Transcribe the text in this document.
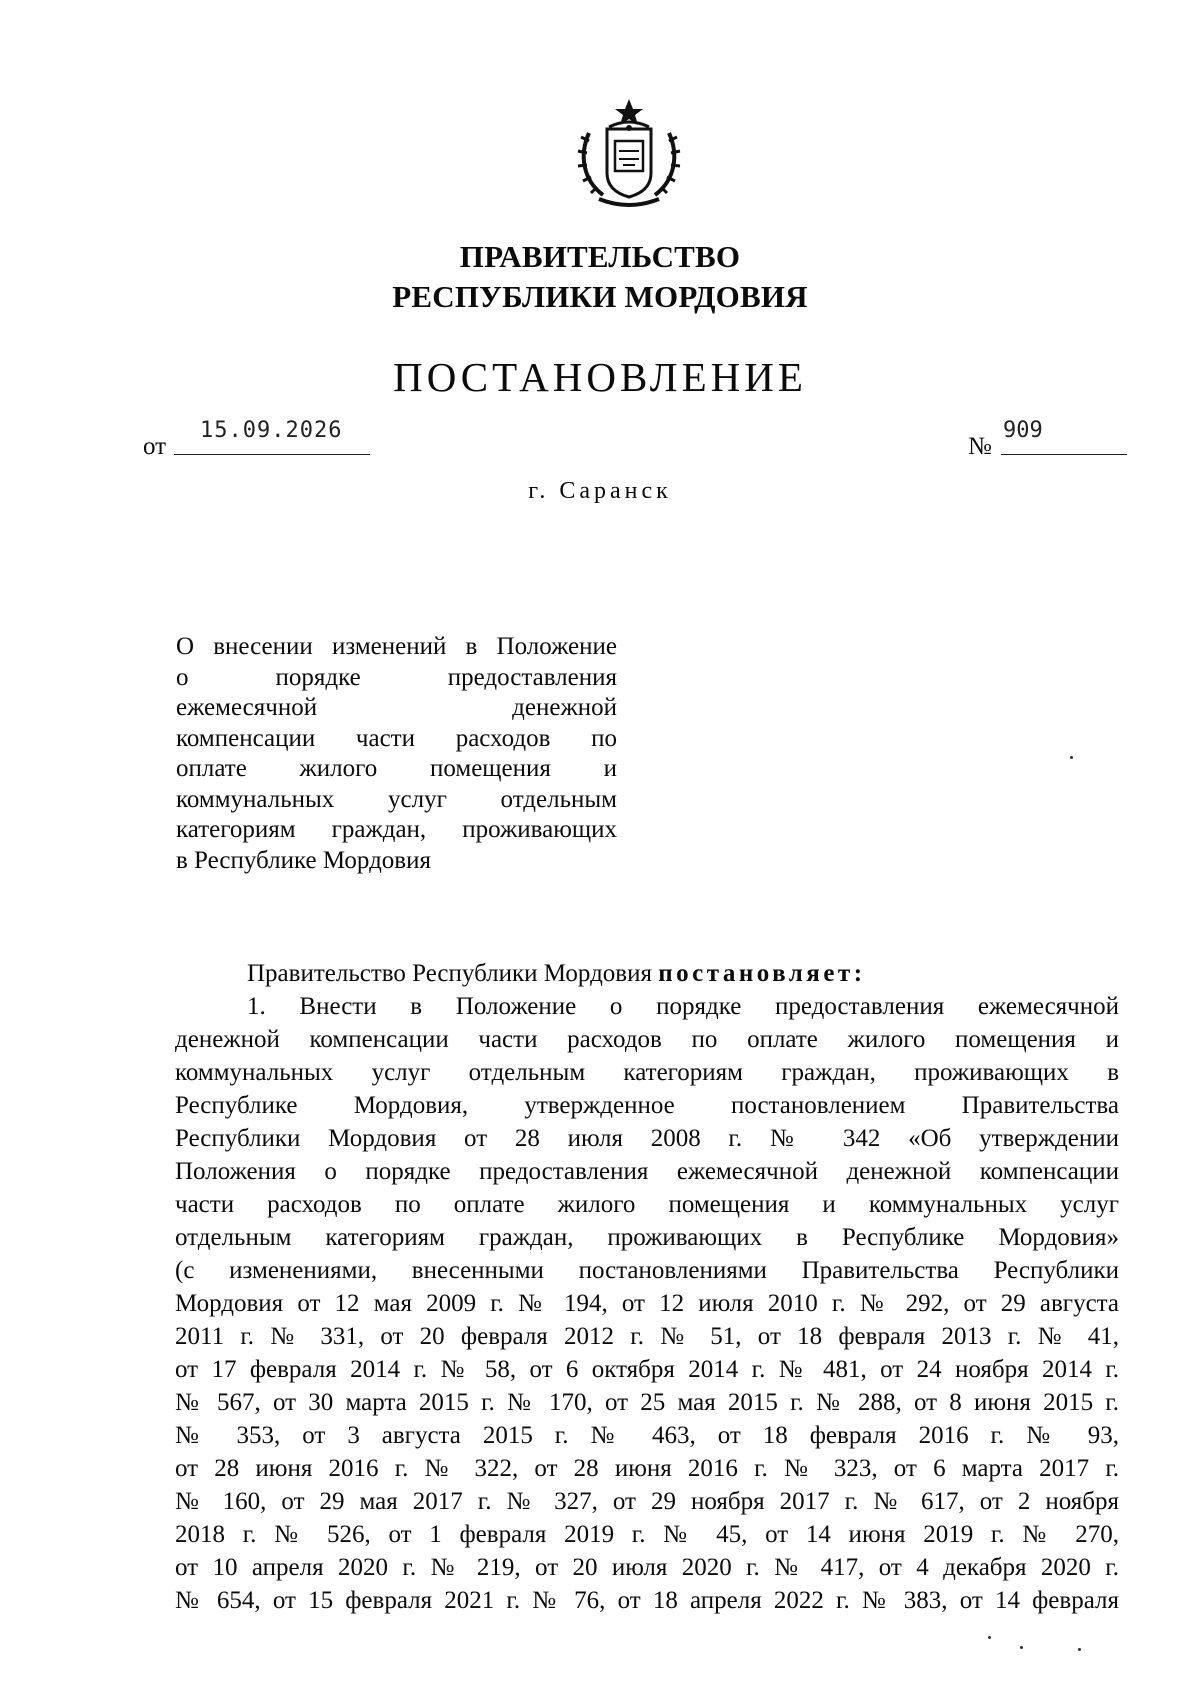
ПРАВИТЕЛЬСТВО
РЕСПУБЛИКИ МОРДОВИЯ
ПОСТАНОВЛЕНИЕ
от
15.09.2026
№
909
г. Саранск
О внесении изменений в Положение
о порядке предоставления
ежемесячной денежной
компенсации части расходов по
оплате жилого помещения и
коммунальных услуг отдельным
категориям граждан, проживающих
в Республике Мордовия
Правительство Республики Мордовия постановляет:
1. Внести в Положение о порядке предоставления ежемесячной
денежной компенсации части расходов по оплате жилого помещения и
коммунальных услуг отдельным категориям граждан, проживающих в
Республике Мордовия, утвержденное постановлением Правительства
Республики Мордовия от 28 июля 2008 г. № 342 «Об утверждении
Положения о порядке предоставления ежемесячной денежной компенсации
части расходов по оплате жилого помещения и коммунальных услуг
отдельным категориям граждан, проживающих в Республике Мордовия»
(с изменениями, внесенными постановлениями Правительства Республики
Мордовия от 12 мая 2009 г. № 194, от 12 июля 2010 г. № 292, от 29 августа
2011 г. № 331, от 20 февраля 2012 г. № 51, от 18 февраля 2013 г. № 41,
от 17 февраля 2014 г. № 58, от 6 октября 2014 г. № 481, от 24 ноября 2014 г.
№ 567, от 30 марта 2015 г. № 170, от 25 мая 2015 г. № 288, от 8 июня 2015 г.
№ 353, от 3 августа 2015 г. № 463, от 18 февраля 2016 г. № 93,
от 28 июня 2016 г. № 322, от 28 июня 2016 г. № 323, от 6 марта 2017 г.
№ 160, от 29 мая 2017 г. № 327, от 29 ноября 2017 г. № 617, от 2 ноября
2018 г. № 526, от 1 февраля 2019 г. № 45, от 14 июня 2019 г. № 270,
от 10 апреля 2020 г. № 219, от 20 июля 2020 г. № 417, от 4 декабря 2020 г.
№ 654, от 15 февраля 2021 г. № 76, от 18 апреля 2022 г. № 383, от 14 февраля
